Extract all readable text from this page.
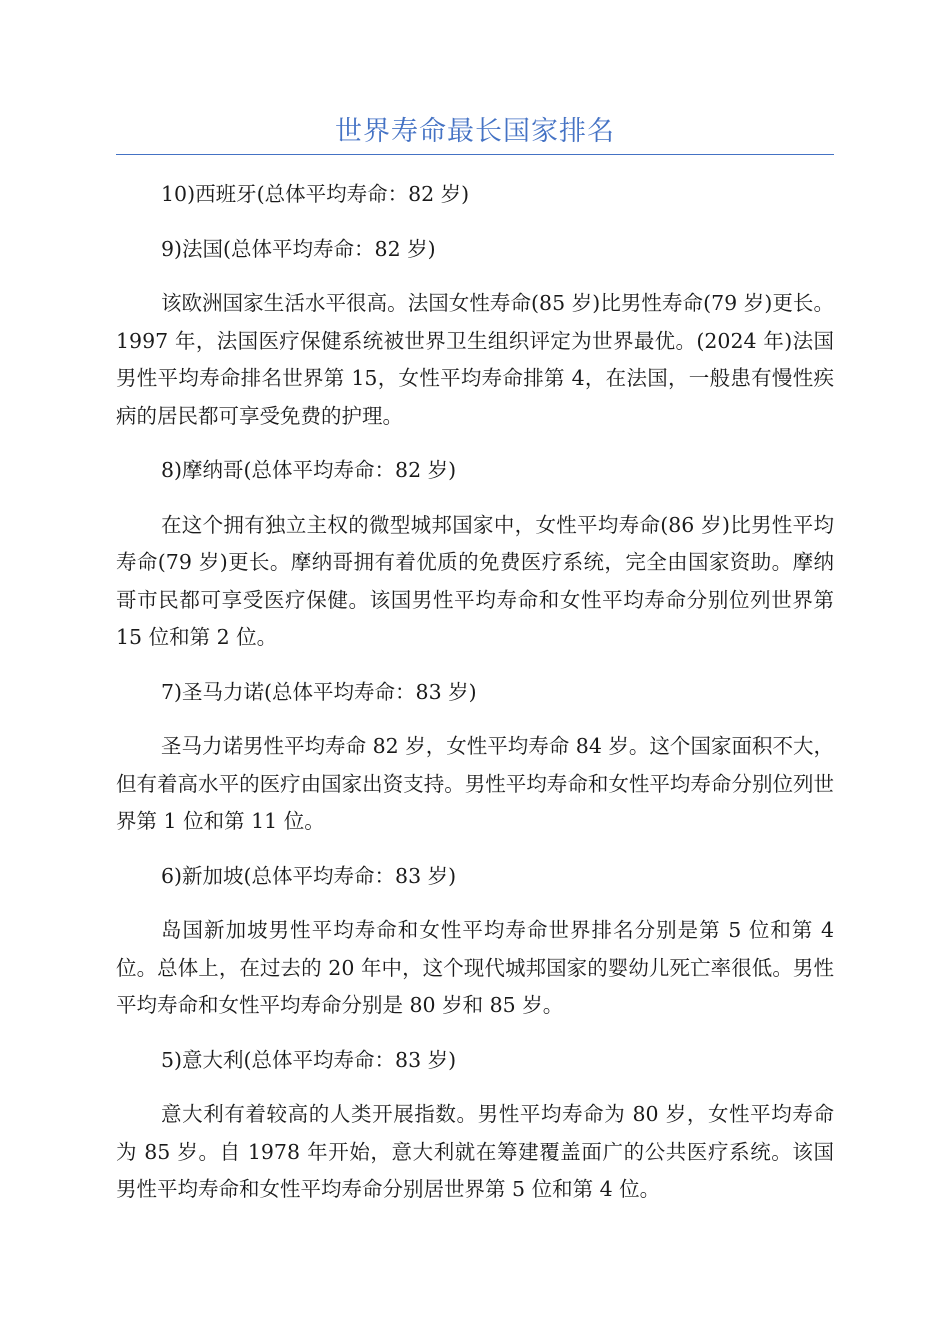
世界寿命最长国家排名

10)西班牙(总体平均寿命：82 岁)

9)法国(总体平均寿命：82 岁)

该欧洲国家生活水平很高。法国女性寿命(85 岁)比男性寿命(79 岁)更长。1997 年，法国医疗保健系统被世界卫生组织评定为世界最优。(2024 年)法国男性平均寿命排名世界第 15，女性平均寿命排第 4，在法国，一般患有慢性疾病的居民都可享受免费的护理。

8)摩纳哥(总体平均寿命：82 岁)

在这个拥有独立主权的微型城邦国家中，女性平均寿命(86 岁)比男性平均寿命(79 岁)更长。摩纳哥拥有着优质的免费医疗系统，完全由国家资助。摩纳哥市民都可享受医疗保健。该国男性平均寿命和女性平均寿命分别位列世界第 15 位和第 2 位。

7)圣马力诺(总体平均寿命：83 岁)

圣马力诺男性平均寿命 82 岁，女性平均寿命 84 岁。这个国家面积不大，但有着高水平的医疗由国家出资支持。男性平均寿命和女性平均寿命分别位列世界第 1 位和第 11 位。

6)新加坡(总体平均寿命：83 岁)

岛国新加坡男性平均寿命和女性平均寿命世界排名分别是第 5 位和第 4 位。总体上，在过去的 20 年中，这个现代城邦国家的婴幼儿死亡率很低。男性平均寿命和女性平均寿命分别是 80 岁和 85 岁。

5)意大利(总体平均寿命：83 岁)

意大利有着较高的人类开展指数。男性平均寿命为 80 岁，女性平均寿命为 85 岁。自 1978 年开始，意大利就在筹建覆盖面广的公共医疗系统。该国男性平均寿命和女性平均寿命分别居世界第 5 位和第 4 位。
